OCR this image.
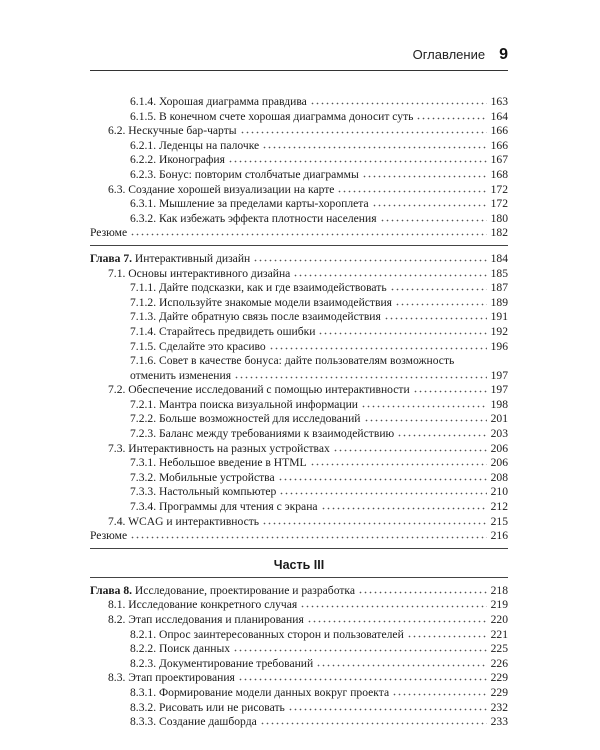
Оглавление 9
6.1.4. Хорошая диаграмма правдива	163
6.1.5. В конечном счете хорошая диаграмма доносит суть	164
6.2. Нескучные бар-чарты	166
6.2.1. Леденцы на палочке	166
6.2.2. Иконография	167
6.2.3. Бонус: повторим столбчатые диаграммы	168
6.3. Создание хорошей визуализации на карте	172
6.3.1. Мышление за пределами карты-хороплета	172
6.3.2. Как избежать эффекта плотности населения	180
Резюме	182
Глава 7. Интерактивный дизайн	184
7.1. Основы интерактивного дизайна	185
7.1.1. Дайте подсказки, как и где взаимодействовать	187
7.1.2. Используйте знакомые модели взаимодействия	189
7.1.3. Дайте обратную связь после взаимодействия	191
7.1.4. Старайтесь предвидеть ошибки	192
7.1.5. Сделайте это красиво	196
7.1.6. Совет в качестве бонуса: дайте пользователям возможность
отменить изменения	197
7.2. Обеспечение исследований с помощью интерактивности	197
7.2.1. Мантра поиска визуальной информации	198
7.2.2. Больше возможностей для исследований	201
7.2.3. Баланс между требованиями к взаимодействию	203
7.3. Интерактивность на разных устройствах	206
7.3.1. Небольшое введение в HTML	206
7.3.2. Мобильные устройства	208
7.3.3. Настольный компьютер	210
7.3.4. Программы для чтения с экрана	212
7.4. WCAG и интерактивность	215
Резюме	216
Часть III
Глава 8. Исследование, проектирование и разработка	218
8.1. Исследование конкретного случая	219
8.2. Этап исследования и планирования	220
8.2.1. Опрос заинтересованных сторон и пользователей	221
8.2.2. Поиск данных	225
8.2.3. Документирование требований	226
8.3. Этап проектирования	229
8.3.1. Формирование модели данных вокруг проекта	229
8.3.2. Рисовать или не рисовать	232
8.3.3. Создание дашборда	233
